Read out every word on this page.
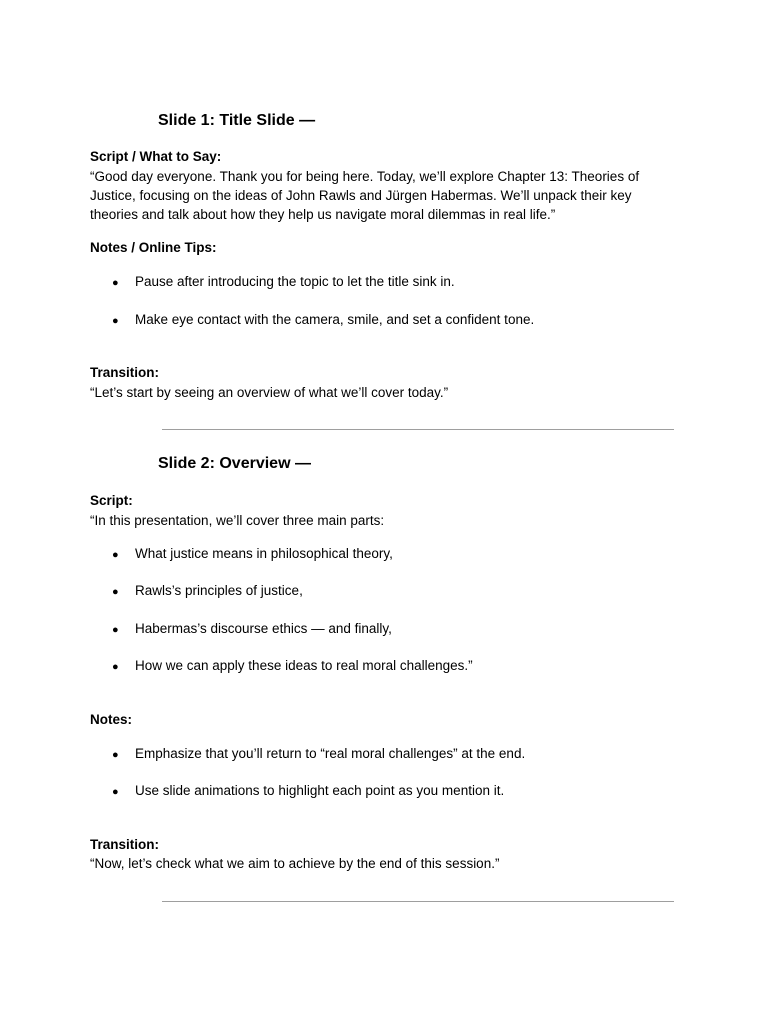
Slide 1: Title Slide —
Script / What to Say:
“Good day everyone. Thank you for being here. Today, we’ll explore Chapter 13: Theories of Justice, focusing on the ideas of John Rawls and Jürgen Habermas. We’ll unpack their key theories and talk about how they help us navigate moral dilemmas in real life.”
Notes / Online Tips:
● Pause after introducing the topic to let the title sink in.
● Make eye contact with the camera, smile, and set a confident tone.
Transition:
“Let’s start by seeing an overview of what we’ll cover today.”
Slide 2: Overview —
Script:
“In this presentation, we’ll cover three main parts:
● What justice means in philosophical theory,
● Rawls’s principles of justice,
● Habermas’s discourse ethics — and finally,
● How we can apply these ideas to real moral challenges.”
Notes:
● Emphasize that you’ll return to “real moral challenges” at the end.
● Use slide animations to highlight each point as you mention it.
Transition:
“Now, let’s check what we aim to achieve by the end of this session.”
